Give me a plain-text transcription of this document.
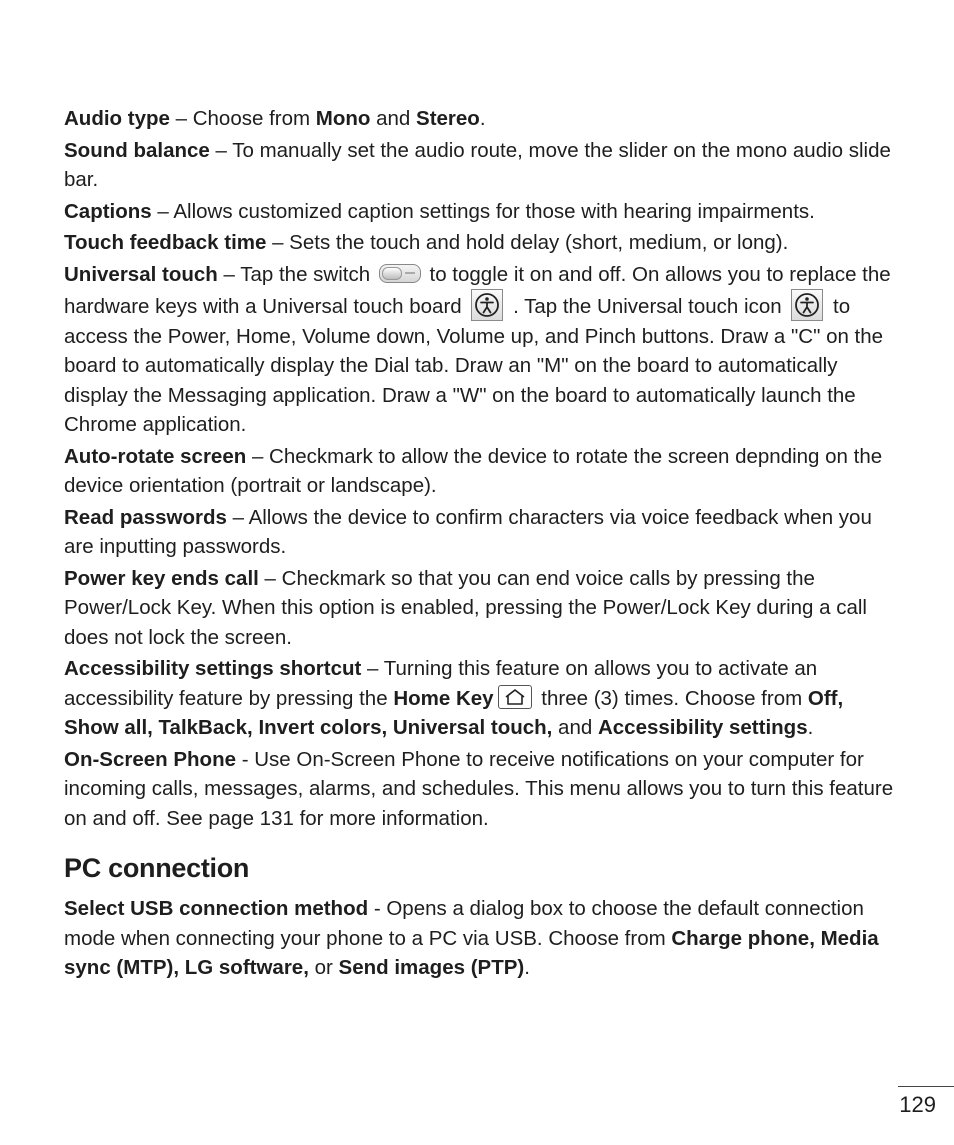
Audio type – Choose from Mono and Stereo.

Sound balance – To manually set the audio route, move the slider on the mono audio slide bar.

Captions – Allows customized caption settings for those with hearing impairments.

Touch feedback time – Sets the touch and hold delay (short, medium, or long).

Universal touch – Tap the switch  to toggle it on and off. On allows you to replace the hardware keys with a Universal touch board
. Tap the Universal touch icon
to access the Power, Home, Volume down, Volume up, and Pinch buttons. Draw a "C" on the board to automatically display the Dial tab. Draw an "M" on the board to automatically display the Messaging application. Draw a "W" on the board to automatically launch the Chrome application.

Auto-rotate screen – Checkmark to allow the device to rotate the screen depnding on the device orientation (portrait or landscape).

Read passwords – Allows the device to confirm characters via voice feedback when you are inputting passwords.

Power key ends call – Checkmark so that you can end voice calls by pressing the Power/Lock Key. When this option is enabled, pressing the Power/Lock Key during a call does not lock the screen.

Accessibility settings shortcut – Turning this feature on allows you to activate an accessibility feature by pressing the Home Key
three (3) times. Choose from Off, Show all, TalkBack, Invert colors, Universal touch, and Accessibility settings.

On-Screen Phone - Use On-Screen Phone to receive notifications on your computer for incoming calls, messages, alarms, and schedules. This menu allows you to turn this feature on and off. See page 131 for more information.

PC connection

Select USB connection method - Opens a dialog box to choose the default connection mode when connecting your phone to a PC via USB. Choose from Charge phone, Media sync (MTP), LG software, or Send images (PTP).

129
